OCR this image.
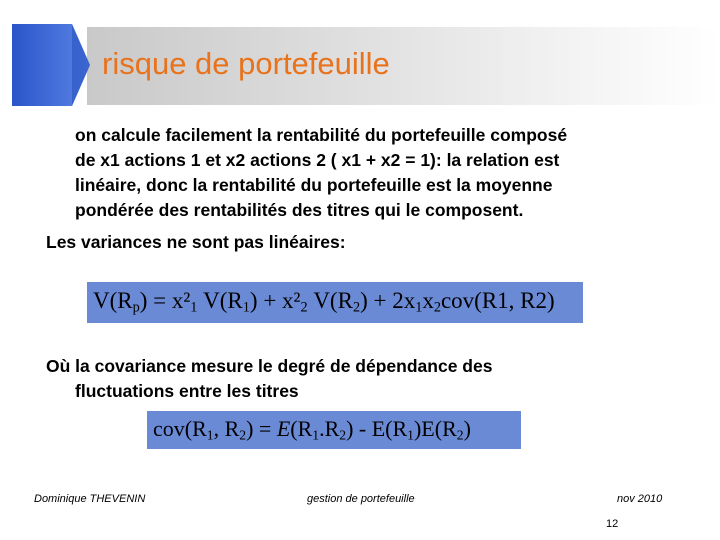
risque de portefeuille
on calcule facilement la rentabilité du portefeuille composé
de x1 actions 1 et x2 actions 2 ( x1 + x2 = 1): la relation est
linéaire, donc la rentabilité du portefeuille est la moyenne
pondérée des rentabilités des titres qui le composent.
Les variances ne sont pas linéaires:
$V(R_p) = x^2_1$ $V(R_1) + x^2_2$ $V(R_2) + 2x_1x_2cov(R1$, R2)
Où la covariance mesure le degré de dépendance des
fluctuations entre les titres
$cov(R_1$, $R_2) = E(R_1.R_2) - E(R_1)E(R_2)$
Dominique THEVENIN	gestion de portefeuille	nov 2010
12
